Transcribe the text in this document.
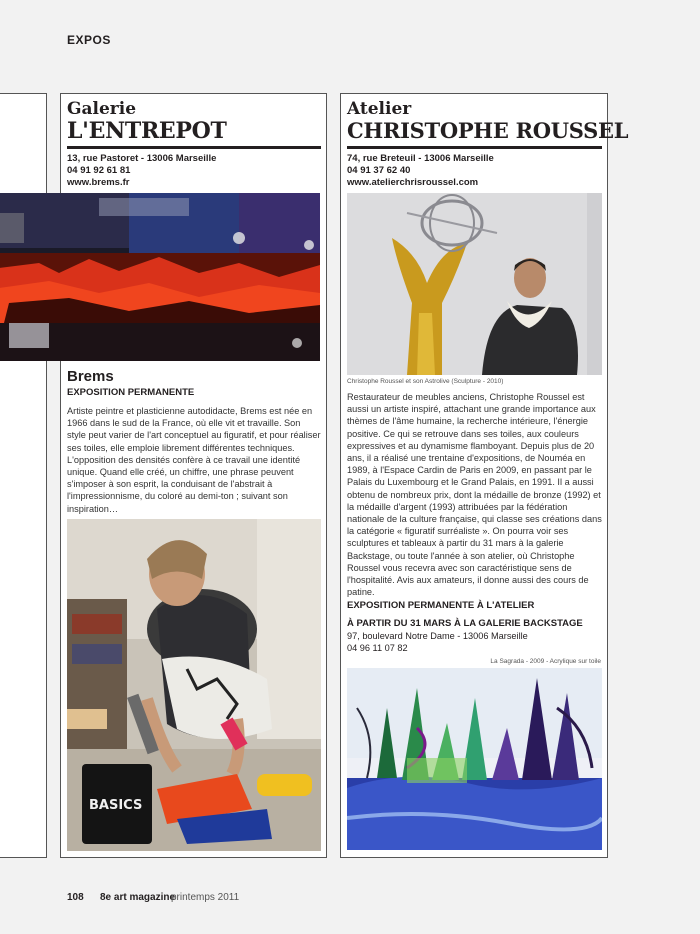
EXPOS
Galerie
L'ENTREPOT
13, rue Pastoret - 13006 Marseille
04 91 92 61 81
www.brems.fr
Brems
EXPOSITION PERMANENTE
Artiste peintre et plasticienne autodidacte, Brems est née en 1966 dans le sud de la France, où elle vit et travaille. Son style peut varier de l'art conceptuel au figuratif, et pour réaliser ses toiles, elle emploie librement différentes techniques. L'opposition des densités confère à ce travail une identité unique. Quand elle créé, un chiffre, une phrase peuvent s'imposer à son esprit, la conduisant de l'abstrait à l'impressionnisme, du coloré au demi-ton ; suivant son inspiration…
BASICS
Atelier
CHRISTOPHE ROUSSEL
74, rue Breteuil - 13006 Marseille
04 91 37 62 40
www.atelierchrisroussel.com
Christophe Roussel et son Astrolive (Sculpture - 2010)
Restaurateur de meubles anciens, Christophe Roussel est aussi un artiste inspiré, attachant une grande importance aux thèmes de l'âme humaine, la recherche intérieure, l'énergie positive. Ce qui se retrouve dans ses toiles, aux couleurs expressives et au dynamisme flamboyant. Depuis plus de 20 ans, il a réalisé une trentaine d'expositions, de Nouméa en 1989, à l'Espace Cardin de Paris en 2009, en passant par le Palais du Luxembourg et le Grand Palais, en 1991. Il a aussi obtenu de nombreux prix, dont la médaille de bronze (1992) et la médaille d'argent (1993) attribuées par la fédération nationale de la culture française, qui classe ses créations dans la catégorie « figuratif surréaliste ». On pourra voir ses sculptures et tableaux à partir du 31 mars à la galerie Backstage, ou toute l'année à son atelier, où Christophe Roussel vous recevra avec son caractéristique sens de l'hospitalité. Avis aux amateurs, il donne aussi des cours de patine.
EXPOSITION PERMANENTE À L'ATELIER
À PARTIR DU 31 MARS À LA GALERIE BACKSTAGE
97, boulevard Notre Dame - 13006 Marseille
04 96 11 07 82
La Sagrada - 2009 - Acrylique sur toile
108 8e art magazine
printemps 2011
